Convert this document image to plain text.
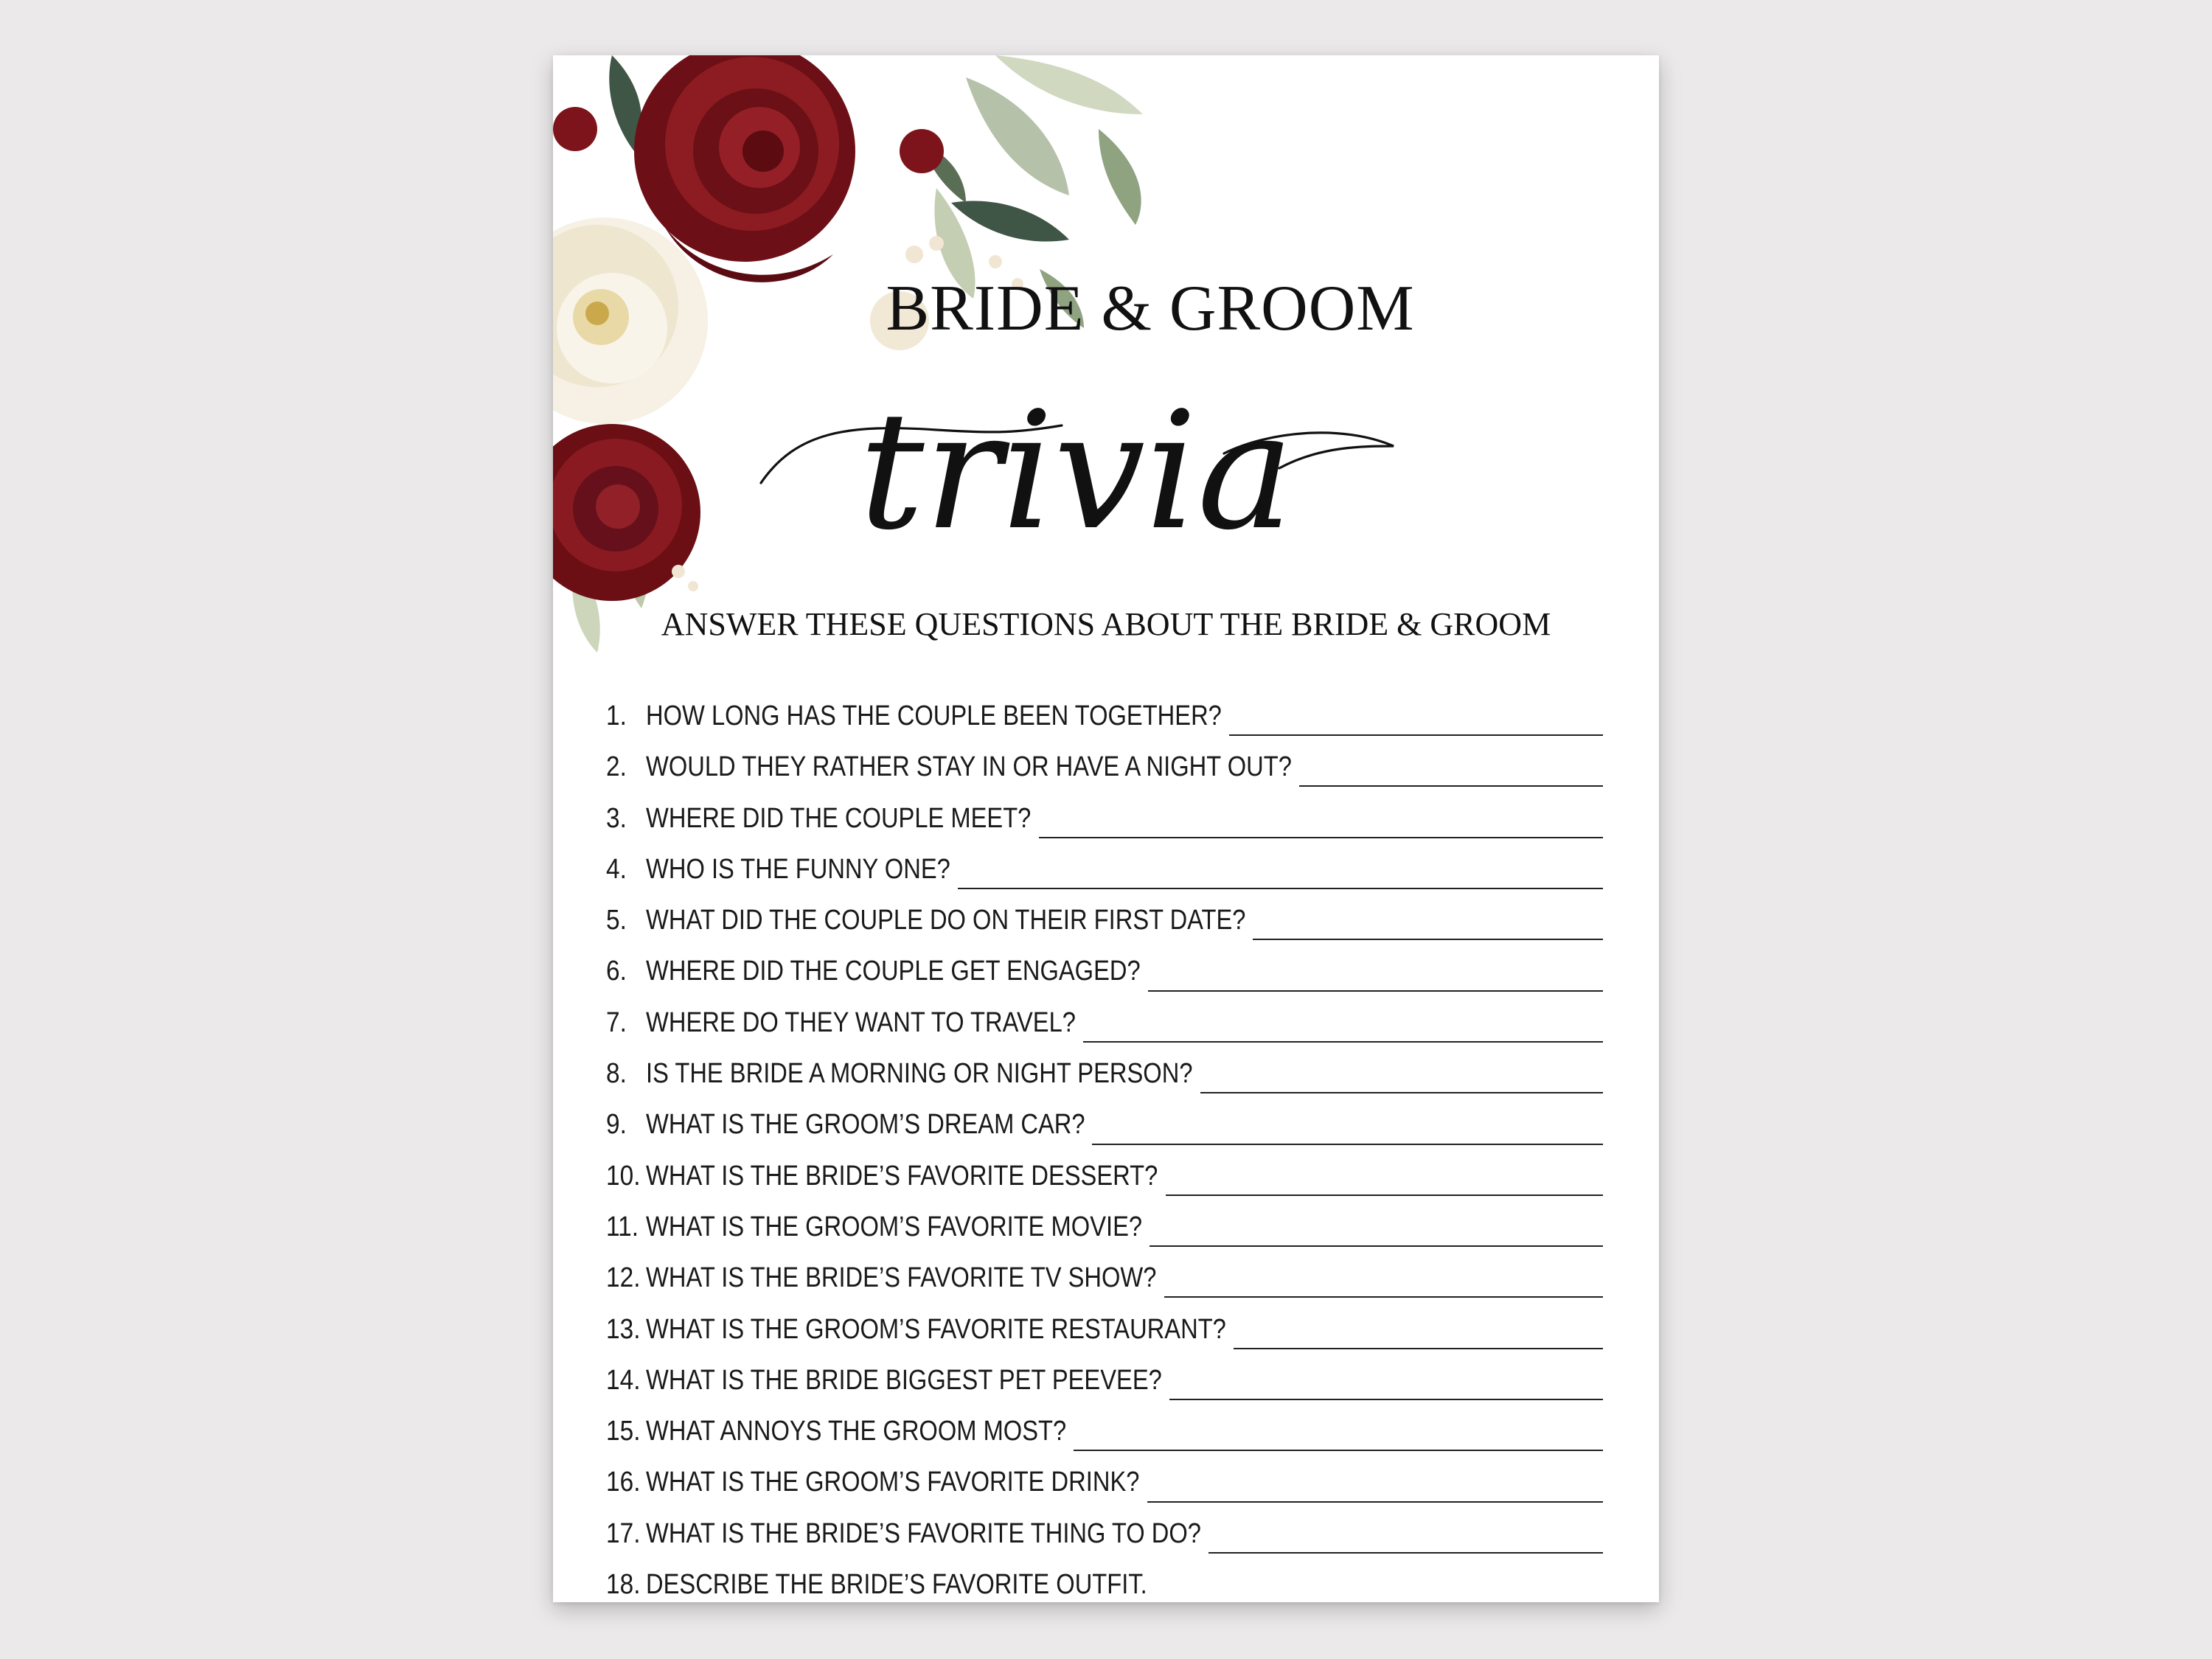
BRIDE & GROOM
trivia
ANSWER THESE QUESTIONS ABOUT THE BRIDE & GROOM
1. HOW LONG HAS THE COUPLE BEEN TOGETHER?
2. WOULD THEY RATHER STAY IN OR HAVE A NIGHT OUT?
3. WHERE DID THE COUPLE MEET?
4. WHO IS THE FUNNY ONE?
5. WHAT DID THE COUPLE DO ON THEIR FIRST DATE?
6. WHERE DID THE COUPLE GET ENGAGED?
7. WHERE DO THEY WANT TO TRAVEL?
8. IS THE BRIDE A MORNING OR NIGHT PERSON?
9. WHAT IS THE GROOM’S DREAM CAR?
10. WHAT IS THE BRIDE’S FAVORITE DESSERT?
11. WHAT IS THE GROOM’S FAVORITE MOVIE?
12. WHAT IS THE BRIDE’S FAVORITE TV SHOW?
13. WHAT IS THE GROOM’S FAVORITE RESTAURANT?
14. WHAT IS THE BRIDE BIGGEST PET PEEVEE?
15. WHAT ANNOYS THE GROOM MOST?
16. WHAT IS THE GROOM’S FAVORITE DRINK?
17. WHAT IS THE BRIDE’S FAVORITE THING TO DO?
18. DESCRIBE THE BRIDE’S FAVORITE OUTFIT.
